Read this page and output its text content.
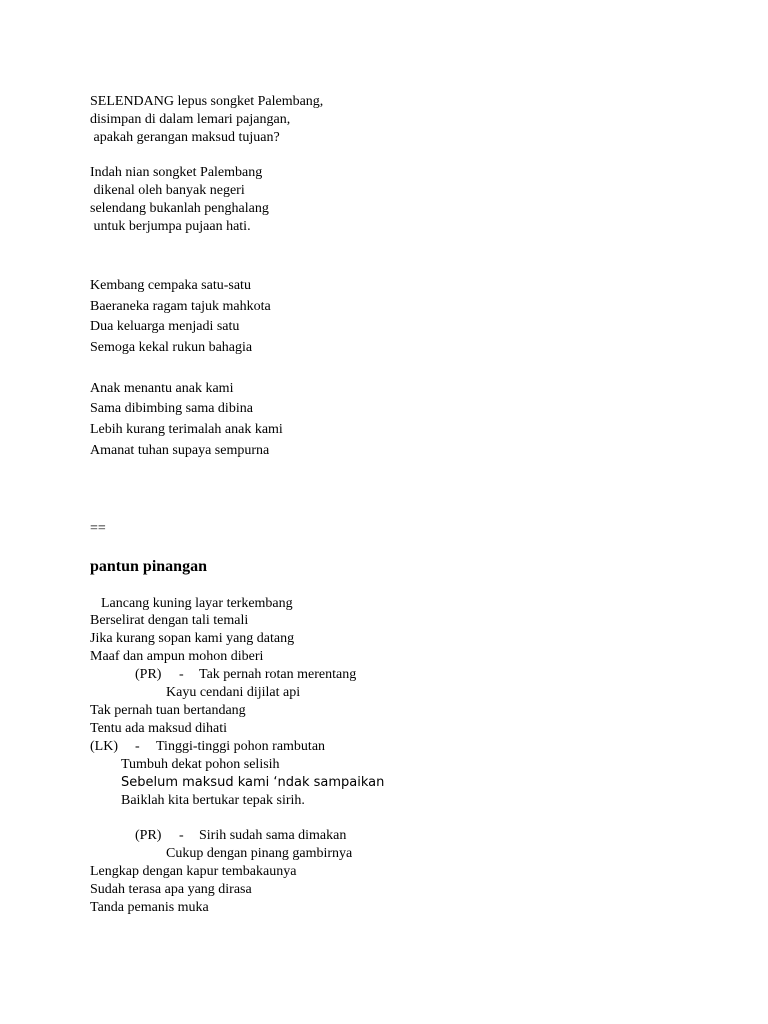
SELENDANG lepus songket Palembang,
disimpan di dalam lemari pajangan,
apakah gerangan maksud tujuan?
Indah nian songket Palembang
dikenal oleh banyak negeri
selendang bukanlah penghalang
untuk berjumpa pujaan hati.
Kembang cempaka satu-satu
Baeraneka ragam tajuk mahkota
Dua keluarga menjadi satu
Semoga kekal rukun bahagia
Anak menantu anak kami
Sama dibimbing sama dibina
Lebih kurang terimalah anak kami
Amanat tuhan supaya sempurna
==
pantun pinangan
Lancang kuning layar terkembang
Berselirat dengan tali temali
Jika kurang sopan kami yang datang
Maaf dan ampun mohon diberi
(PR) - Tak pernah rotan merentang
Kayu cendani dijilat api
Tak pernah tuan bertandang
Tentu ada maksud dihati
(LK) - Tinggi-tinggi pohon rambutan
Tumbuh dekat pohon selisih
Sebelum maksud kami ‘ndak sampaikan
Baiklah kita bertukar tepak sirih.
(PR) - Sirih sudah sama dimakan
Cukup dengan pinang gambirnya
Lengkap dengan kapur tembakaunya
Sudah terasa apa yang dirasa
Tanda pemanis muka
